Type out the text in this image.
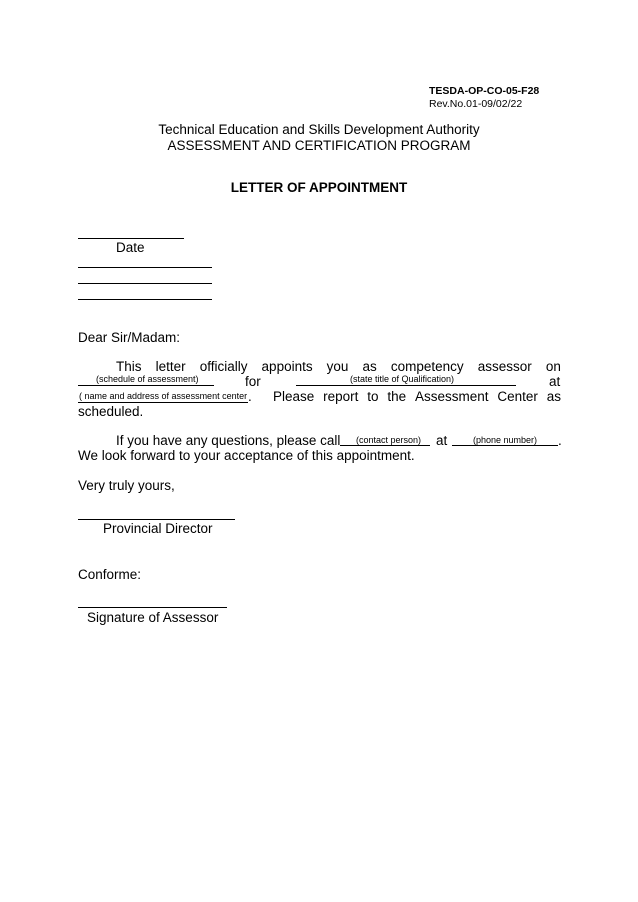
TESDA-OP-CO-05-F28
Rev.No.01-09/02/22
Technical Education and Skills Development Authority
ASSESSMENT AND CERTIFICATION PROGRAM
LETTER OF APPOINTMENT
Date
Dear Sir/Madam:
This letter officially appoints you as competency assessor on
(schedule of assessment)	for	(state title of Qualification)	at
( name and address of assessment center . Please report to the Assessment Center as
scheduled.
If you have any questions, please call (contact person) at	(phone number) .
We look forward to your acceptance of this appointment.
Very truly yours,
Provincial Director
Conforme:
Signature of Assessor
